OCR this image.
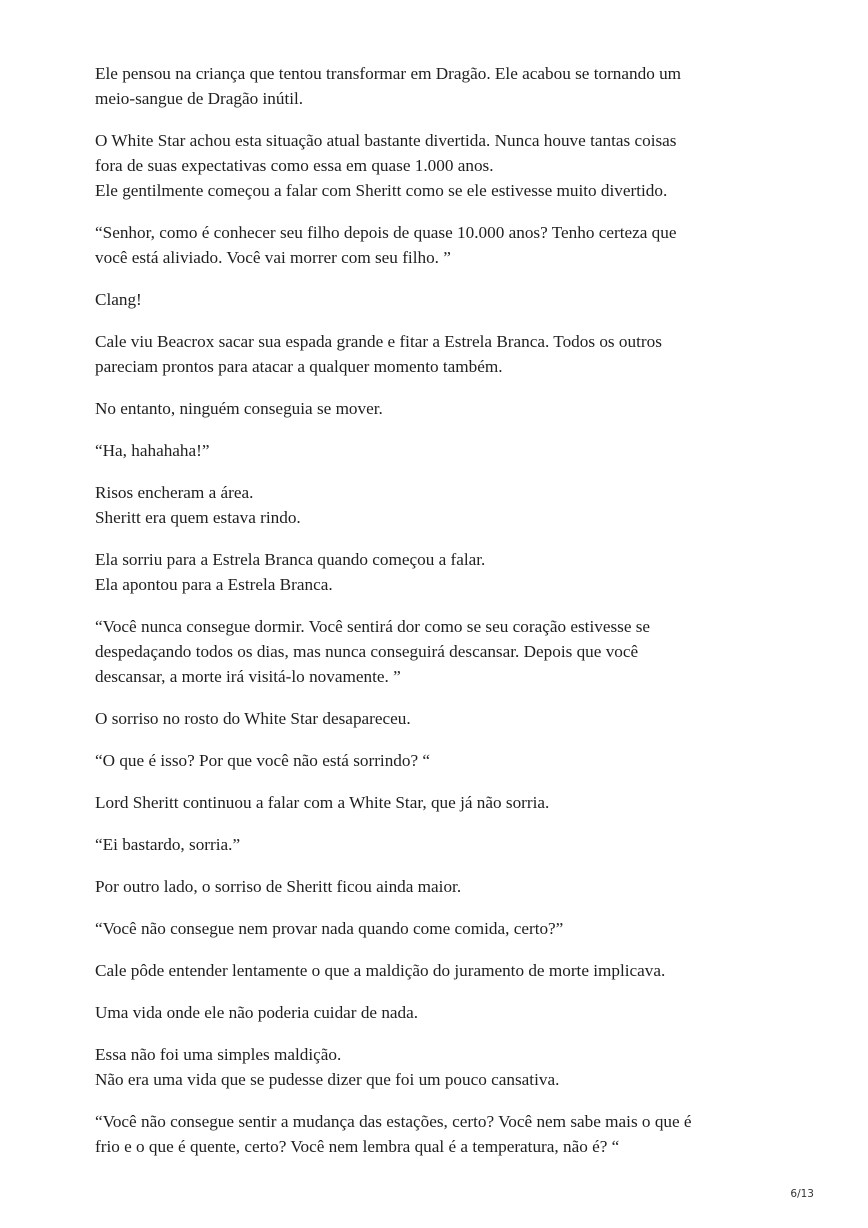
Ele pensou na criança que tentou transformar em Dragão. Ele acabou se tornando um
meio-sangue de Dragão inútil.

O White Star achou esta situação atual bastante divertida. Nunca houve tantas coisas
fora de suas expectativas como essa em quase 1.000 anos.
Ele gentilmente começou a falar com Sheritt como se ele estivesse muito divertido.

“Senhor, como é conhecer seu filho depois de quase 10.000 anos? Tenho certeza que
você está aliviado. Você vai morrer com seu filho. ”

Clang!

Cale viu Beacrox sacar sua espada grande e fitar a Estrela Branca. Todos os outros
pareciam prontos para atacar a qualquer momento também.

No entanto, ninguém conseguia se mover.

“Ha, hahahaha!”

Risos encheram a área.
Sheritt era quem estava rindo.

Ela sorriu para a Estrela Branca quando começou a falar.
Ela apontou para a Estrela Branca.

“Você nunca consegue dormir. Você sentirá dor como se seu coração estivesse se
despedaçando todos os dias, mas nunca conseguirá descansar. Depois que você
descansar, a morte irá visitá-lo novamente. ”

O sorriso no rosto do White Star desapareceu.

“O que é isso? Por que você não está sorrindo? “

Lord Sheritt continuou a falar com a White Star, que já não sorria.

“Ei bastardo, sorria.”

Por outro lado, o sorriso de Sheritt ficou ainda maior.

“Você não consegue nem provar nada quando come comida, certo?”

Cale pôde entender lentamente o que a maldição do juramento de morte implicava.

Uma vida onde ele não poderia cuidar de nada.

Essa não foi uma simples maldição.
Não era uma vida que se pudesse dizer que foi um pouco cansativa.

“Você não consegue sentir a mudança das estações, certo? Você nem sabe mais o que é
frio e o que é quente, certo? Você nem lembra qual é a temperatura, não é? “

6/13
